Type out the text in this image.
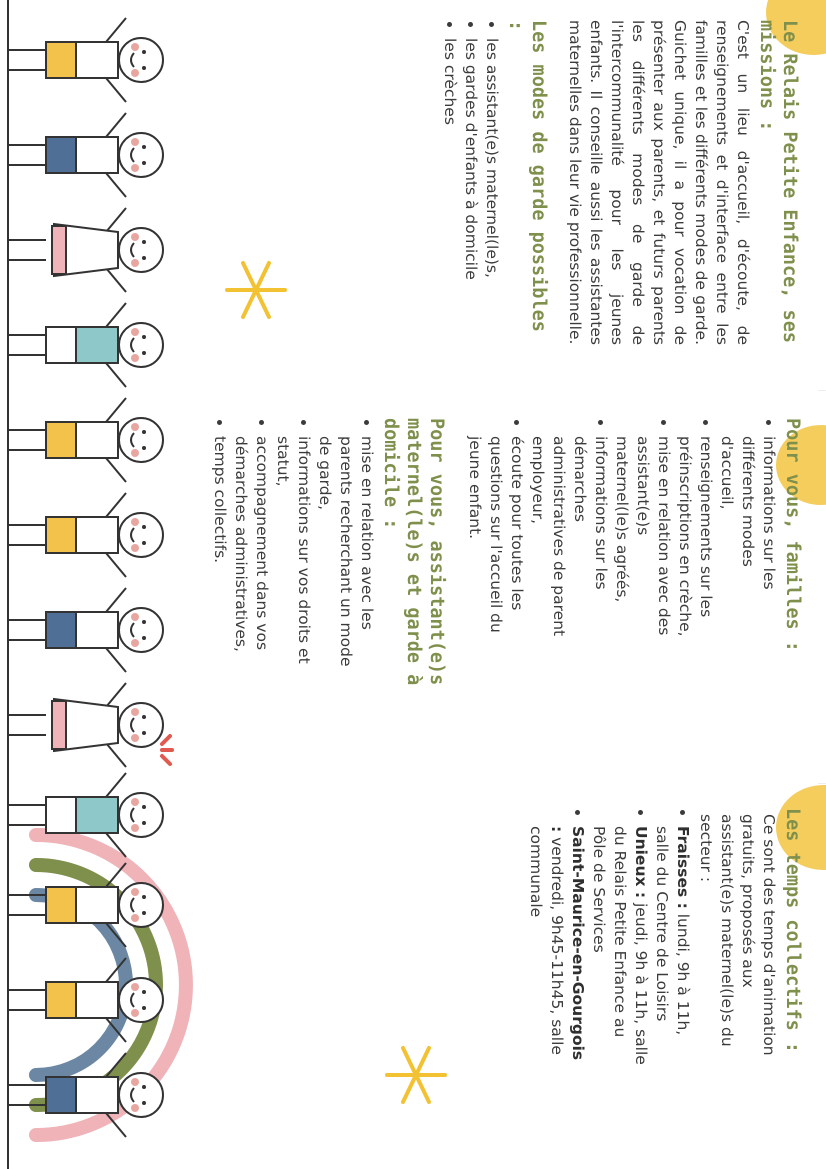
Le Relais Petite Enfance, ses missions :

C'est un lieu d'accueil, d'écoute, de renseignements et d'interface entre les familles et les différents modes de garde. Guichet unique, il a pour vocation de présenter aux parents, et futurs parents les différents modes de garde de l'intercommunalité pour les jeunes enfants. Il conseille aussi les assistantes maternelles dans leur vie professionnelle.

Les modes de garde possibles :
• les assistant(e)s maternel(le)s,
• les gardes d'enfants à domicile
• les crèches
Pour vous, familles :
• informations sur les différents modes d'accueil,
• renseignements sur les préinscriptions en crèche,
• mise en relation avec des assistant(e)s maternel(le)s agréés,
• informations sur les démarches administratives de parent employeur,
• écoute pour toutes les questions sur l'accueil du jeune enfant.
Pour vous, assistant(e)s maternel(le)s et garde à domicile :
• mise en relation avec les parents recherchant un mode de garde,
• informations sur vos droits et statut,
• accompagnement dans vos démarches administratives,
• temps collectifs.
Les temps collectifs :

Ce sont des temps d'animation gratuits, proposés aux assistant(e)s maternel(le)s du secteur :

• Fraisses : lundi, 9h à 11h, salle du Centre de Loisirs
• Unieux : jeudi, 9h à 11h, salle du Relais Petite Enfance au Pôle de Services
• Saint-Maurice-en-Gourgois : vendredi, 9h45-11h45, salle communale
